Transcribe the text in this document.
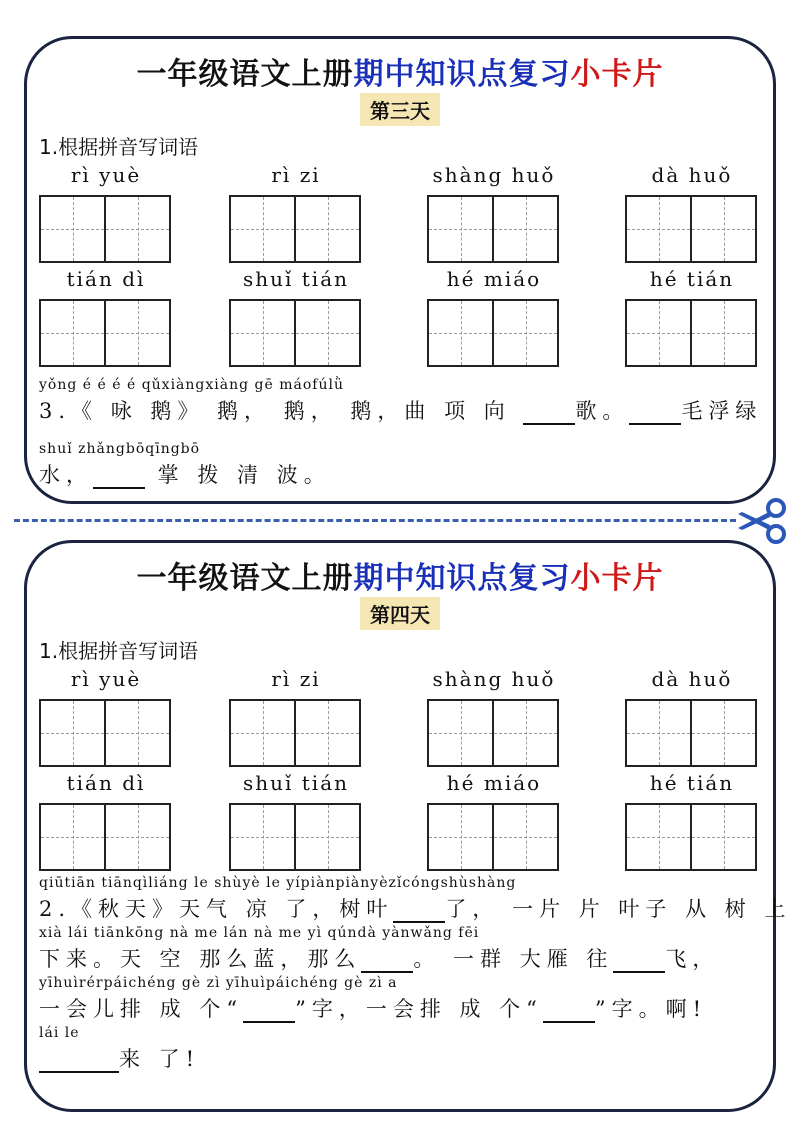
一年级语文上册期中知识点复习小卡片
第三天
1.根据拼音写词语
rì yuè	rì zi	shàng huǒ	dà huǒ
tián dì	shuǐ tián	hé miáo	hé tián
yǒng é é é é qǔxiàngxiàng gē máofúlǜ
3.《 咏 鹅》 鹅， 鹅， 鹅，曲 项 向 歌。 毛浮绿
shuǐ zhǎngbōqīngbō
水， 掌 拨 清 波。
一年级语文上册期中知识点复习小卡片
第四天
1.根据拼音写词语
rì yuè	rì zi	shàng huǒ	dà huǒ
tián dì	shuǐ tián	hé miáo	hé tián
qiūtiān tiānqìliáng le shùyè le yípiànpiànyèzǐcóngshùshàng
2.《秋天》天气 凉 了，树叶 了， 一片 片 叶子 从 树 上
xià lái tiānkōng nà me lán nà me yì qúndà yànwǎng fēi
下来。天 空 那么蓝，那么 。 一群 大雁 往 飞，
yīhuìrérpáichéng gè zì yīhuìpáichéng gè zì a
一会儿排 成 个“ ”字，一会排 成 个“ ”字。啊!
lái le
来 了!
